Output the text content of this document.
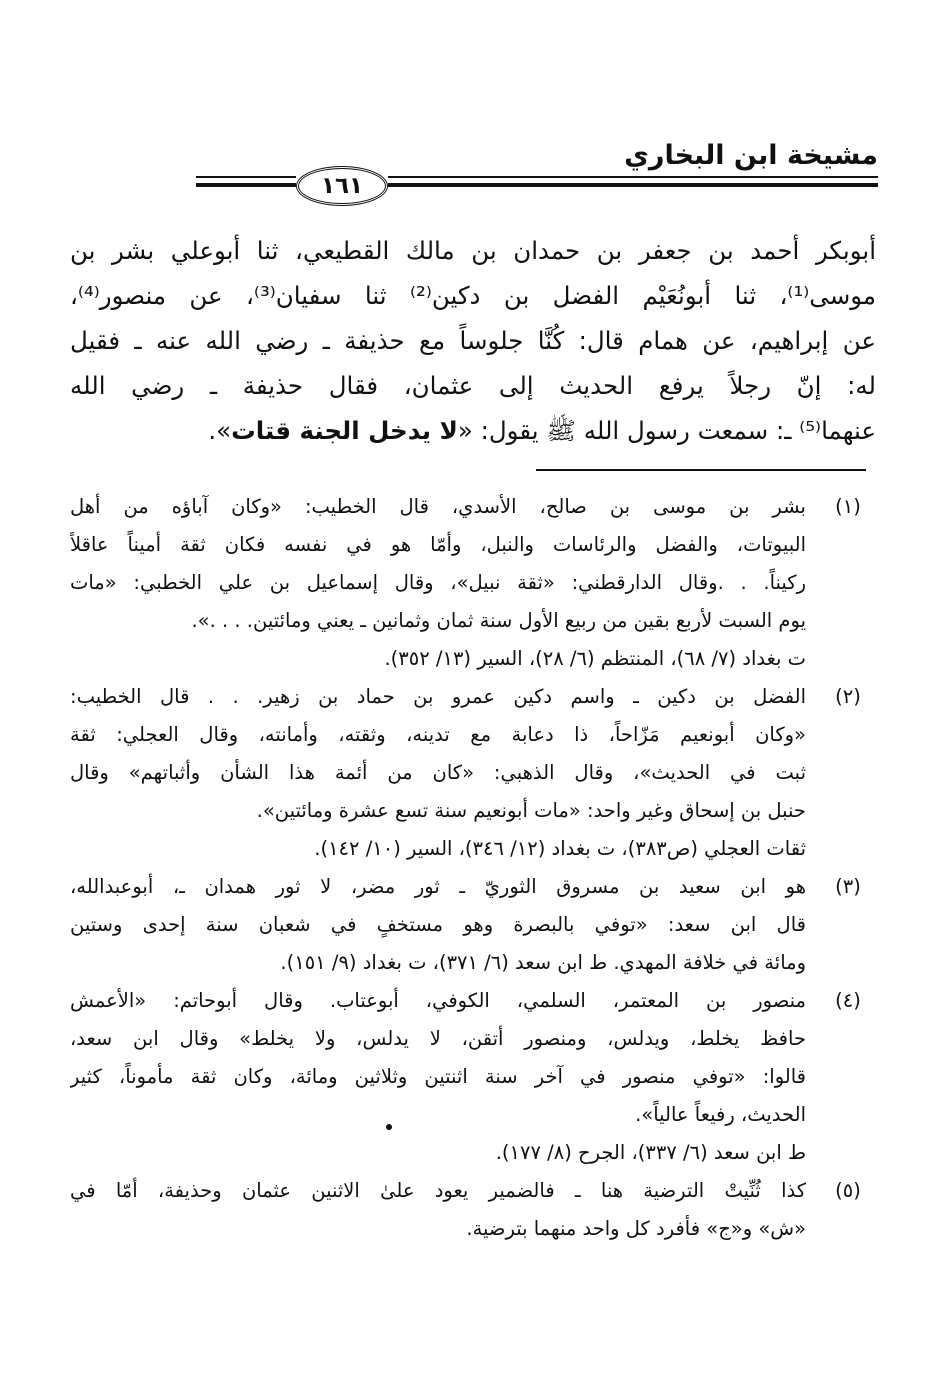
مشيخة ابن البخاري
١٦١
أبوبكر أحمد بن جعفر بن حمدان بن مالك القطيعي، ثنا أبوعلي بشر بن
موسى⁽¹⁾، ثنا أبونُعَيْم الفضل بن دكين⁽²⁾ ثنا سفيان⁽³⁾، عن منصور⁽⁴⁾،
عن إبراهيم، عن همام قال: كُنَّا جلوساً مع حذيفة ـ رضي الله عنه ـ فقيل
له: إنّ رجلاً يرفع الحديث إلى عثمان، فقال حذيفة ـ رضي الله
عنهما⁽⁵⁾ ـ: سمعت رسول الله ﷺ يقول: «لا يدخل الجنة قتات».
(١)
بشر بن موسى بن صالح، الأسدي، قال الخطيب: «وكان آباؤه من أهل
البيوتات، والفضل والرئاسات والنبل، وأمّا هو في نفسه فكان ثقة أميناً عاقلاً
ركيناً. . .وقال الدارقطني: «ثقة نبيل»، وقال إسماعيل بن علي الخطبي: «مات
يوم السبت لأربع بقين من ربيع الأول سنة ثمان وثمانين ـ يعني ومائتين. . . .».
ت بغداد (٧/ ٦٨)، المنتظم (٦/ ٢٨)، السير (١٣/ ٣٥٢).
(٢)
الفضل بن دكين ـ واسم دكين عمرو بن حماد بن زهير. . . قال الخطيب:
«وكان أبونعيم مَزّاحاً، ذا دعابة مع تدينه، وثقته، وأمانته، وقال العجلي: ثقة
ثبت في الحديث»، وقال الذهبي: «كان من أئمة هذا الشأن وأثباتهم» وقال
حنبل بن إسحاق وغير واحد: «مات أبونعيم سنة تسع عشرة ومائتين».
ثقات العجلي (ص٣٨٣)، ت بغداد (١٢/ ٣٤٦)، السير (١٠/ ١٤٢).
(٣)
هو ابن سعيد بن مسروق الثوريّ ـ ثور مضر، لا ثور همدان ـ، أبوعبدالله،
قال ابن سعد: «توفي بالبصرة وهو مستخفٍ في شعبان سنة إحدى وستين
ومائة في خلافة المهدي. ط ابن سعد (٦/ ٣٧١)، ت بغداد (٩/ ١٥١).
(٤)
منصور بن المعتمر، السلمي، الكوفي، أبوعتاب. وقال أبوحاتم: «الأعمش
حافظ يخلط، ويدلس، ومنصور أتقن، لا يدلس، ولا يخلط» وقال ابن سعد،
قالوا: «توفي منصور في آخر سنة اثنتين وثلاثين ومائة، وكان ثقة مأموناً، كثير
الحديث، رفيعاً عالياً».
ط ابن سعد (٦/ ٣٣٧)، الجرح (٨/ ١٧٧).
(٥)
كذا ثُنِّيتْ الترضية هنا ـ فالضمير يعود علىٰ الاثنين عثمان وحذيفة، أمّا في
«ش» و«ج» فأفرد كل واحد منهما بترضية.
